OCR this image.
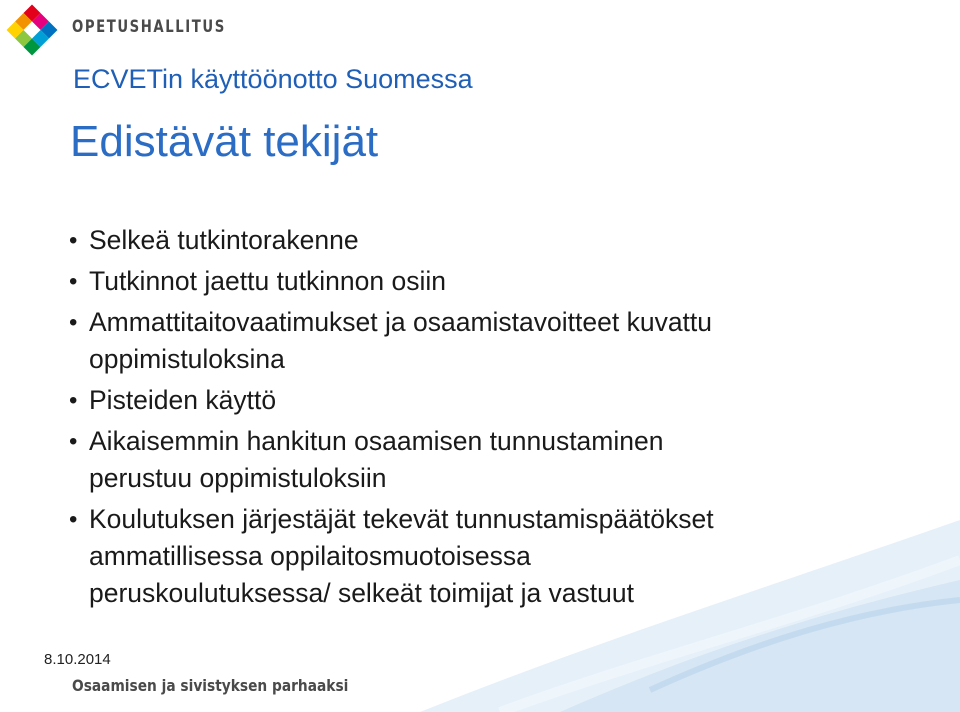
OPETUSHALLITUS
ECVETin käyttöönotto Suomessa
Edistävät tekijät
• Selkeä tutkintorakenne
• Tutkinnot jaettu tutkinnon osiin
• Ammattitaitovaatimukset ja osaamistavoitteet kuvattu
oppimistuloksina
• Pisteiden käyttö
• Aikaisemmin hankitun osaamisen tunnustaminen
perustuu oppimistuloksiin
• Koulutuksen järjestäjät tekevät tunnustamispäätökset
ammatillisessa oppilaitosmuotoisessa
peruskoulutuksessa/ selkeät toimijat ja vastuut
8.10.2014
Osaamisen ja sivistyksen parhaaksi
